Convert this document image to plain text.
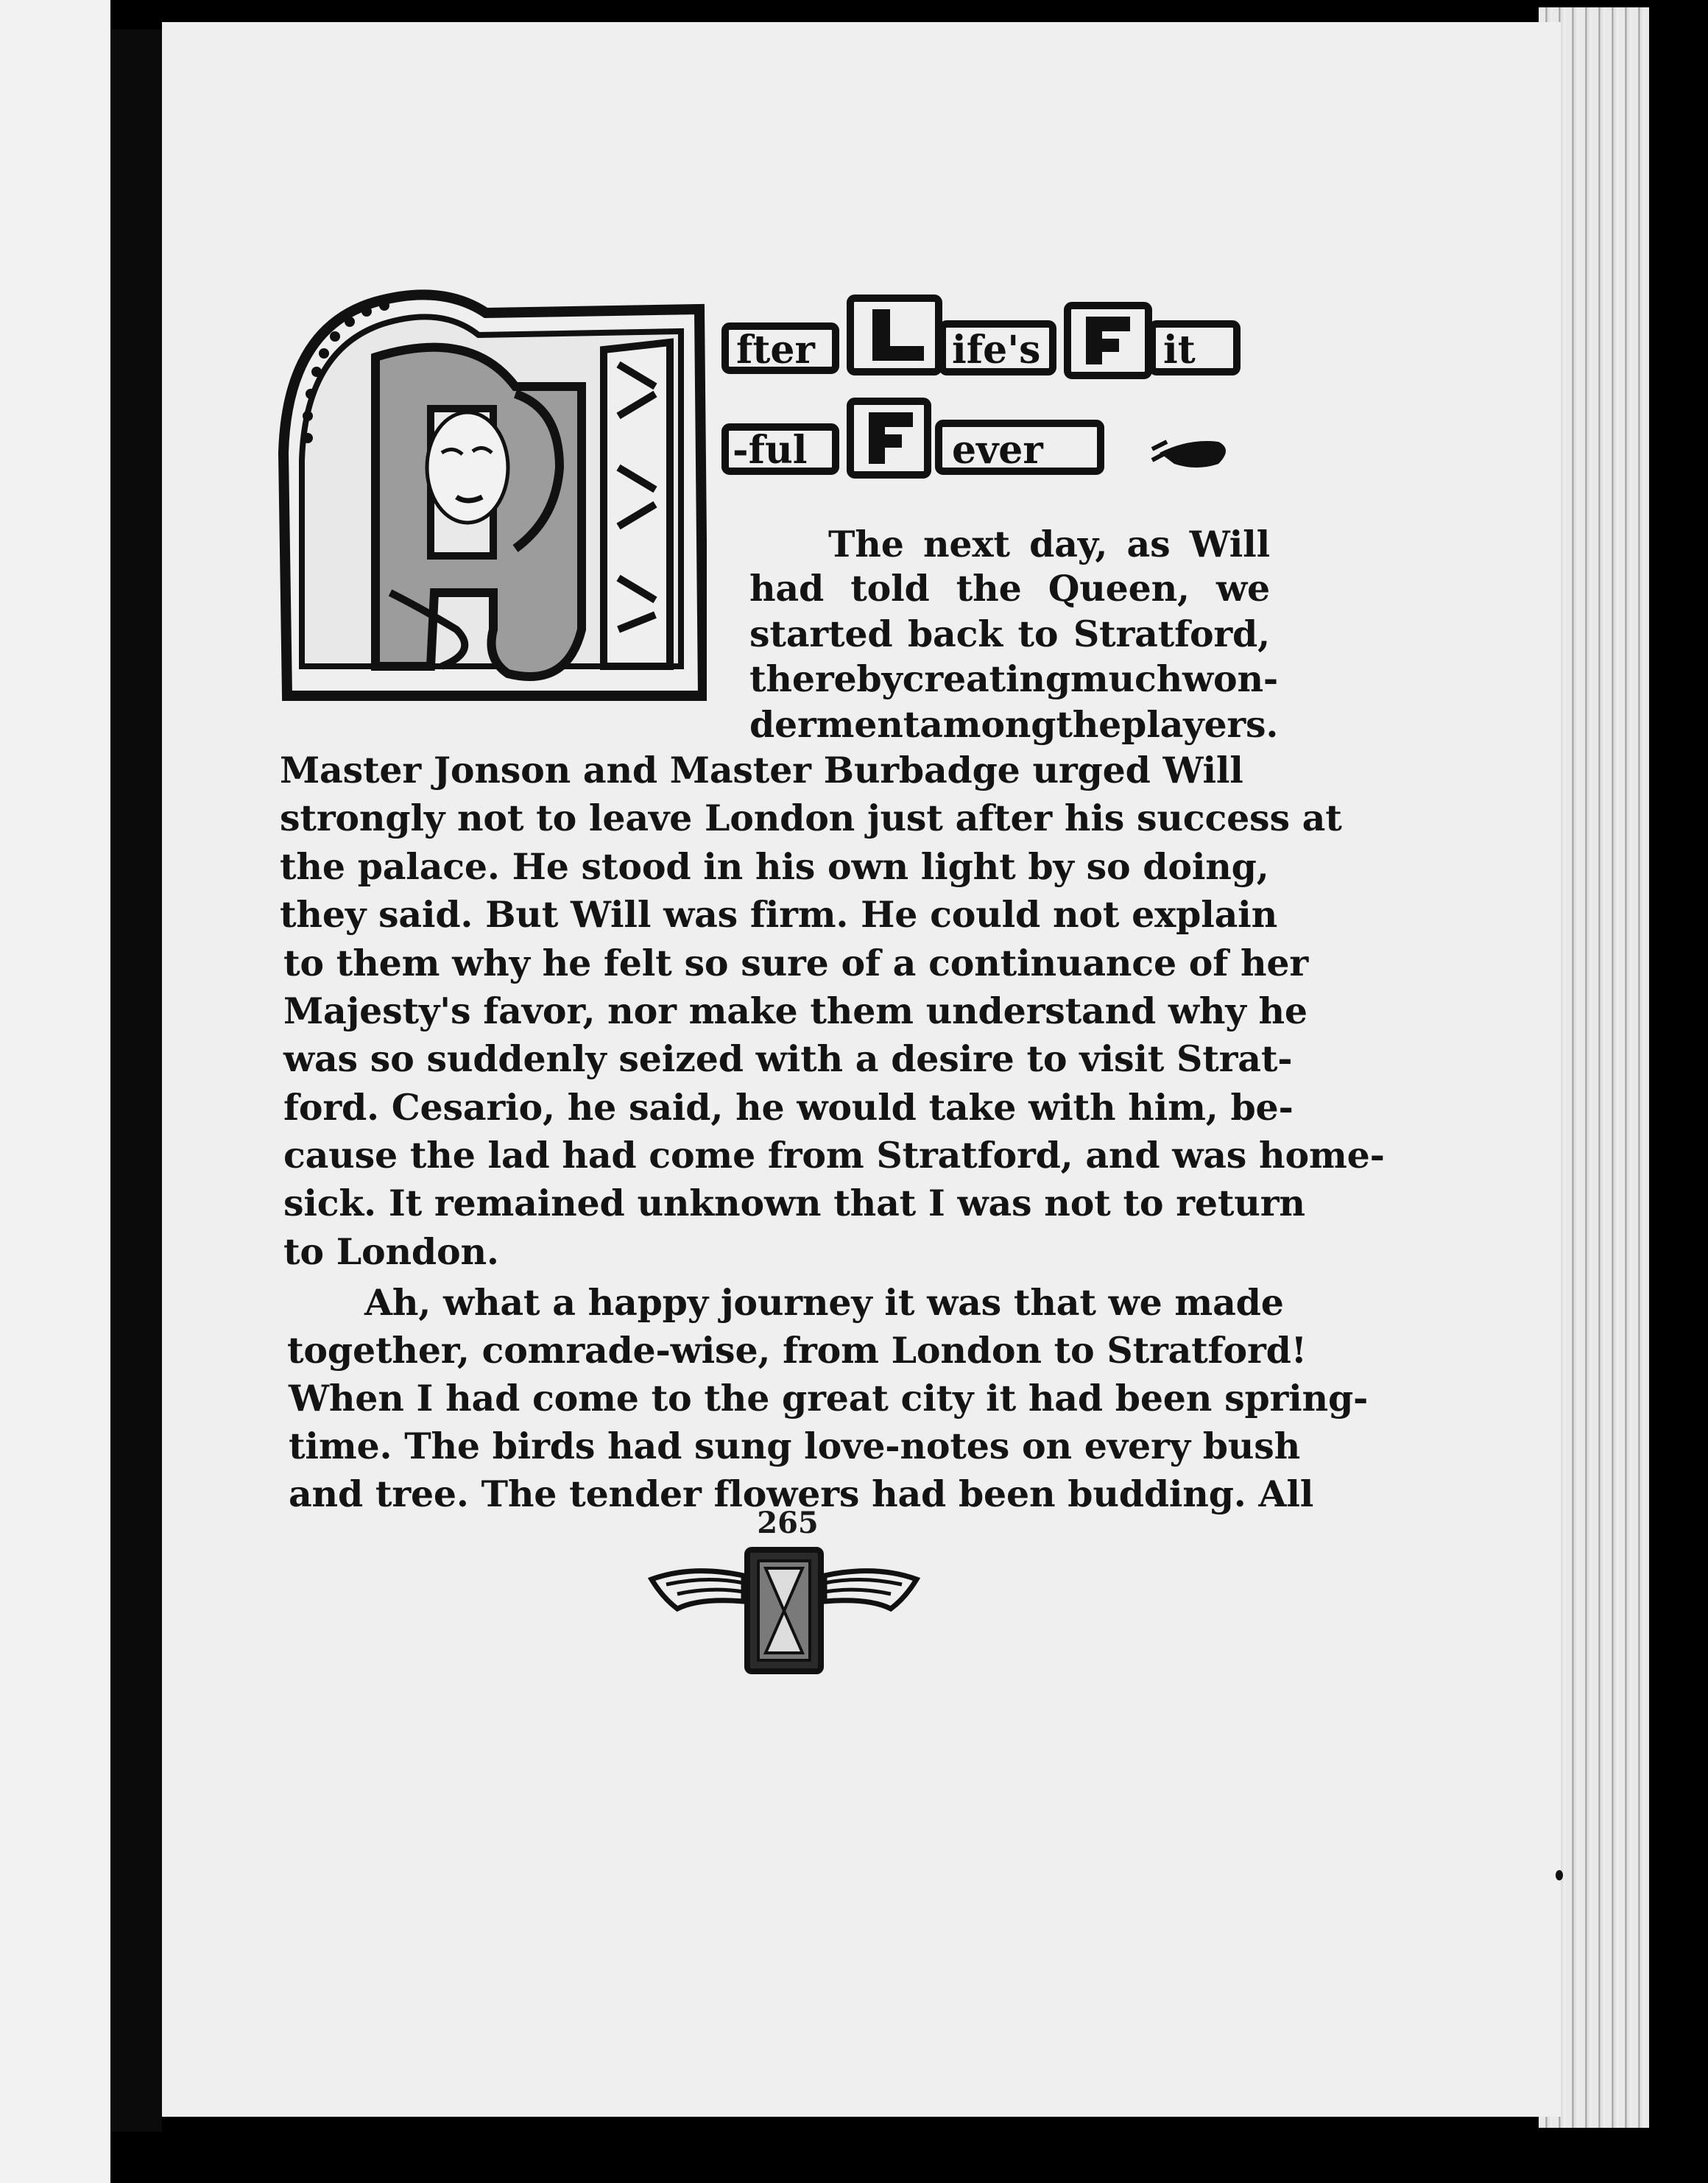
fter	ife's	it
-ful	ever
The next day, as Will
had told the Queen, we
started back to Stratford,
thereby creating much won-
derment among the players.
Master Jonson and Master Burbadge urged Will
strongly not to leave London just after his success at
the palace. He stood in his own light by so doing,
they said. But Will was firm. He could not explain
to them why he felt so sure of a continuance of her
Majesty's favor, nor make them understand why he
was so suddenly seized with a desire to visit Strat-
ford. Cesario, he said, he would take with him, be-
cause the lad had come from Stratford, and was home-
sick. It remained unknown that I was not to return
to London.
Ah, what a happy journey it was that we made
together, comrade-wise, from London to Stratford!
When I had come to the great city it had been spring-
time. The birds had sung love-notes on every bush
and tree. The tender flowers had been budding. All
265
